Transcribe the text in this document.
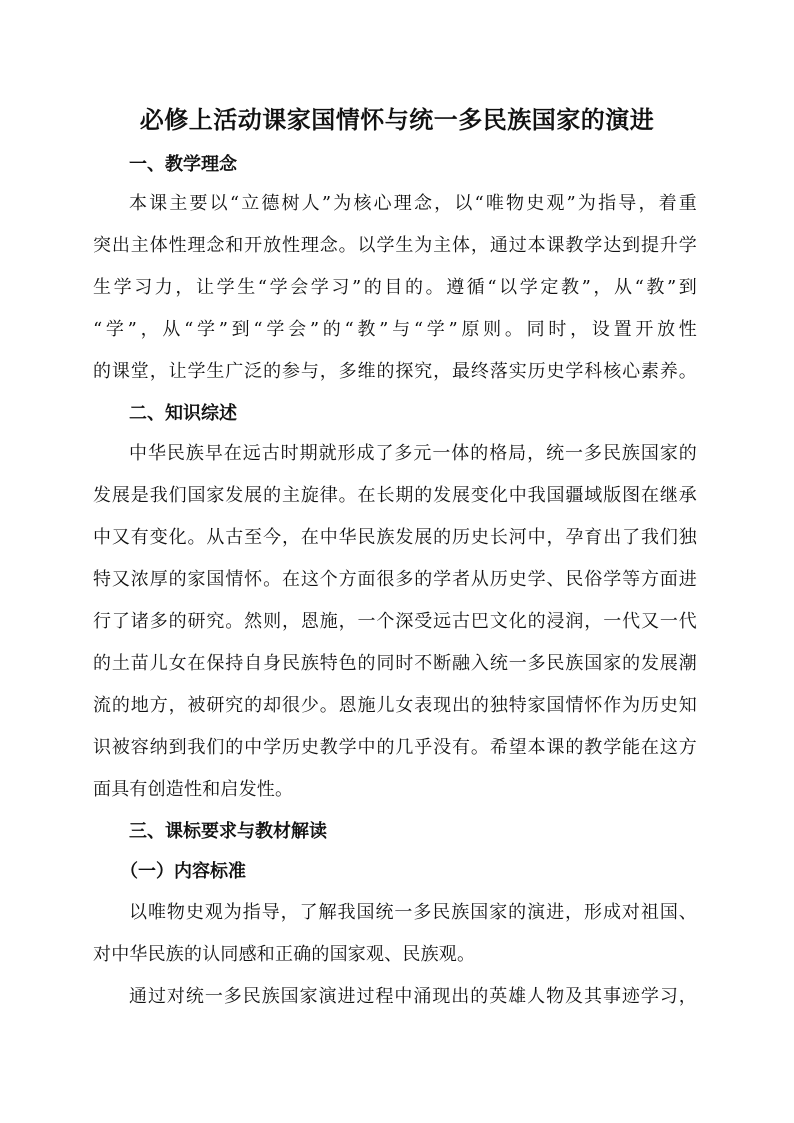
必修上活动课家国情怀与统一多民族国家的演进
一、教学理念
本课主要以“立德树人”为核心理念，以“唯物史观”为指导，着重
突出主体性理念和开放性理念。以学生为主体，通过本课教学达到提升学
生学习力，让学生“学会学习”的目的。遵循“以学定教”，从“教”到
“学”，从“学”到“学会”的“教”与“学”原则。同时，设置开放性
的课堂，让学生广泛的参与，多维的探究，最终落实历史学科核心素养。
二、知识综述
中华民族早在远古时期就形成了多元一体的格局，统一多民族国家的
发展是我们国家发展的主旋律。在长期的发展变化中我国疆域版图在继承
中又有变化。从古至今，在中华民族发展的历史长河中，孕育出了我们独
特又浓厚的家国情怀。在这个方面很多的学者从历史学、民俗学等方面进
行了诸多的研究。然则，恩施，一个深受远古巴文化的浸润，一代又一代
的土苗儿女在保持自身民族特色的同时不断融入统一多民族国家的发展潮
流的地方，被研究的却很少。恩施儿女表现出的独特家国情怀作为历史知
识被容纳到我们的中学历史教学中的几乎没有。希望本课的教学能在这方
面具有创造性和启发性。
三、课标要求与教材解读
（一）内容标准
以唯物史观为指导，了解我国统一多民族国家的演进，形成对祖国、
对中华民族的认同感和正确的国家观、民族观。
通过对统一多民族国家演进过程中涌现出的英雄人物及其事迹学习，
